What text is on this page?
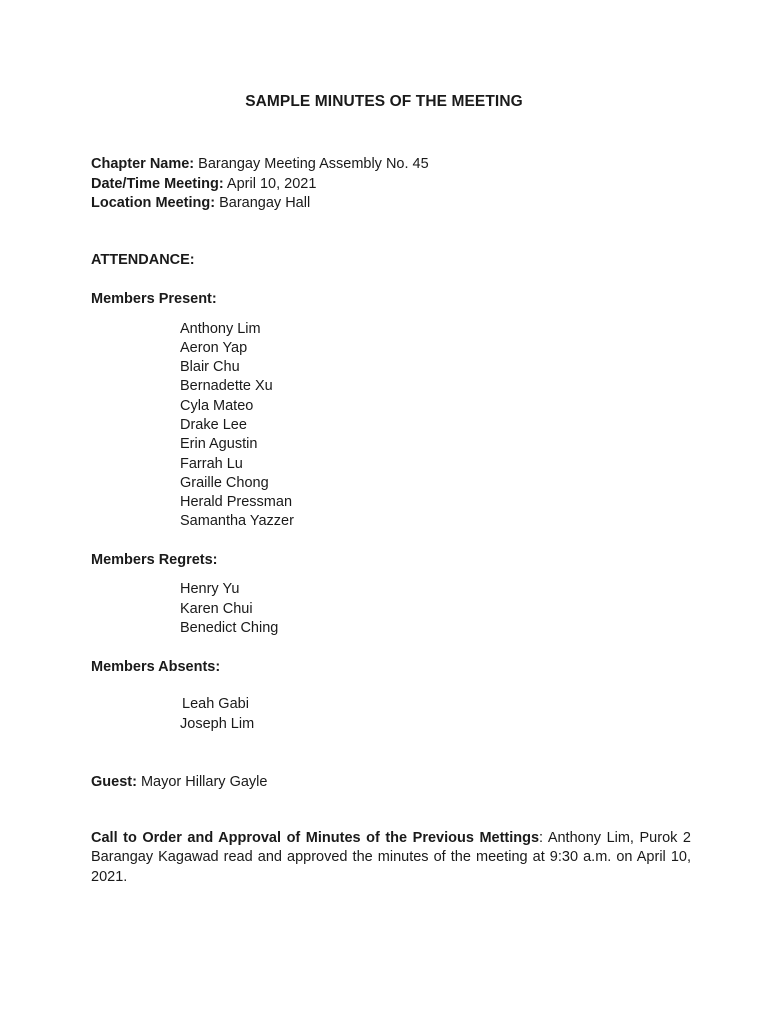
SAMPLE MINUTES OF THE MEETING
Chapter Name: Barangay Meeting Assembly No. 45
Date/Time Meeting: April 10, 2021
Location Meeting: Barangay Hall
ATTENDANCE:
Members Present:
Anthony Lim
Aeron Yap
Blair Chu
Bernadette Xu
Cyla Mateo
Drake Lee
Erin Agustin
Farrah Lu
Graille Chong
Herald Pressman
Samantha Yazzer
Members Regrets:
Henry Yu
Karen Chui
Benedict Ching
Members Absents:
Leah Gabi
Joseph Lim
Guest: Mayor Hillary Gayle
Call to Order and Approval of Minutes of the Previous Mettings: Anthony Lim, Purok 2 Barangay Kagawad read and approved the minutes of the meeting at 9:30 a.m. on April 10, 2021.
